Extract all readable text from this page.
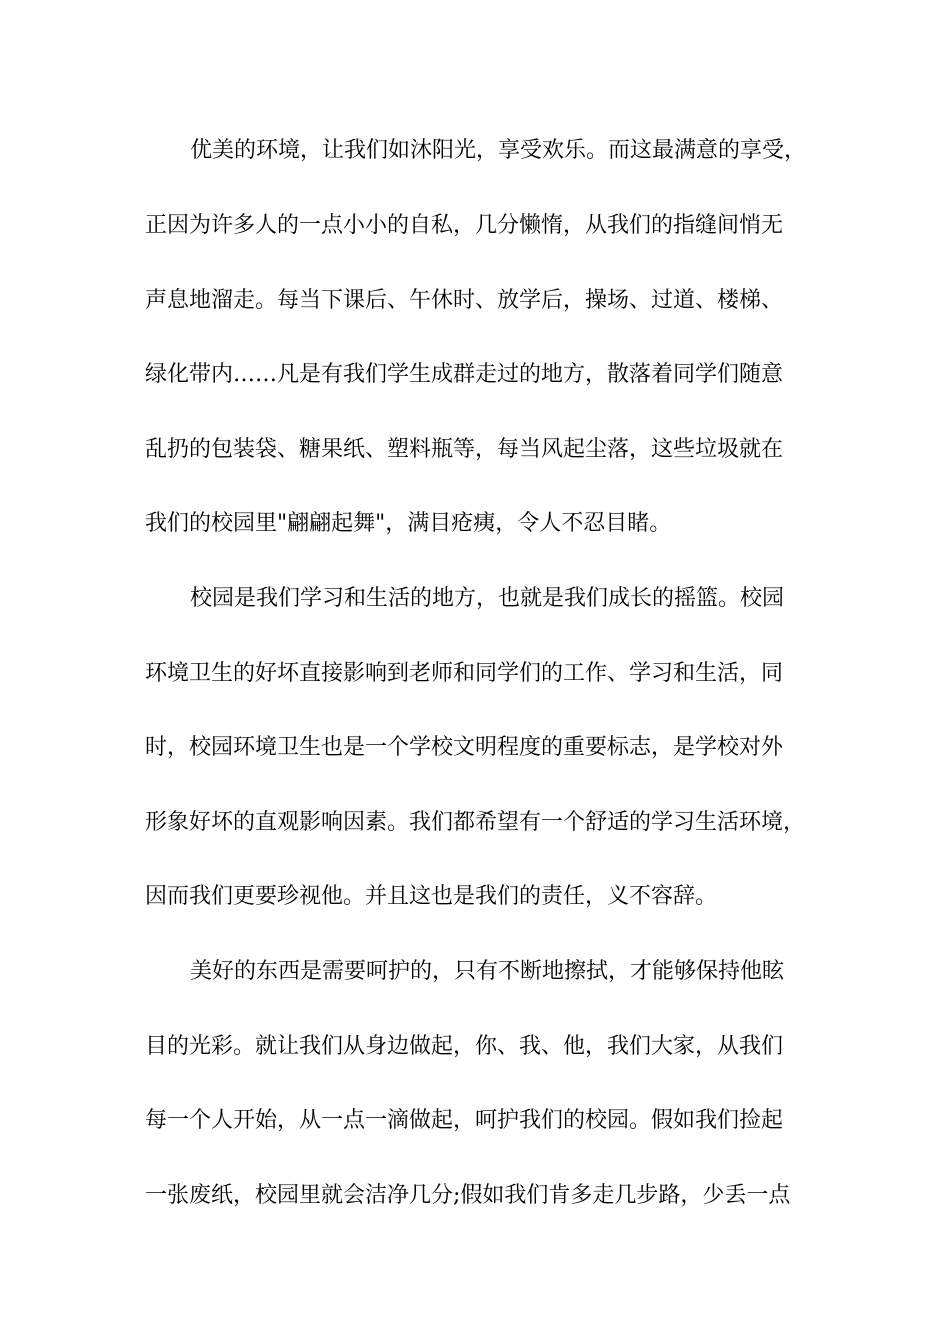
优美的环境，让我们如沐阳光，享受欢乐。而这最满意的享受，
正因为许多人的一点小小的自私，几分懒惰，从我们的指缝间悄无
声息地溜走。每当下课后、午休时、放学后，操场、过道、楼梯、
绿化带内……凡是有我们学生成群走过的地方，散落着同学们随意
乱扔的包装袋、糖果纸、塑料瓶等，每当风起尘落，这些垃圾就在
我们的校园里"翩翩起舞"，满目疮痍，令人不忍目睹。
校园是我们学习和生活的地方，也就是我们成长的摇篮。校园
环境卫生的好坏直接影响到老师和同学们的工作、学习和生活，同
时，校园环境卫生也是一个学校文明程度的重要标志，是学校对外
形象好坏的直观影响因素。我们都希望有一个舒适的学习生活环境，
因而我们更要珍视他。并且这也是我们的责任，义不容辞。
美好的东西是需要呵护的，只有不断地擦拭，才能够保持他眩
目的光彩。就让我们从身边做起，你、我、他，我们大家，从我们
每一个人开始，从一点一滴做起，呵护我们的校园。假如我们捡起
一张废纸，校园里就会洁净几分;假如我们肯多走几步路，少丢一点
